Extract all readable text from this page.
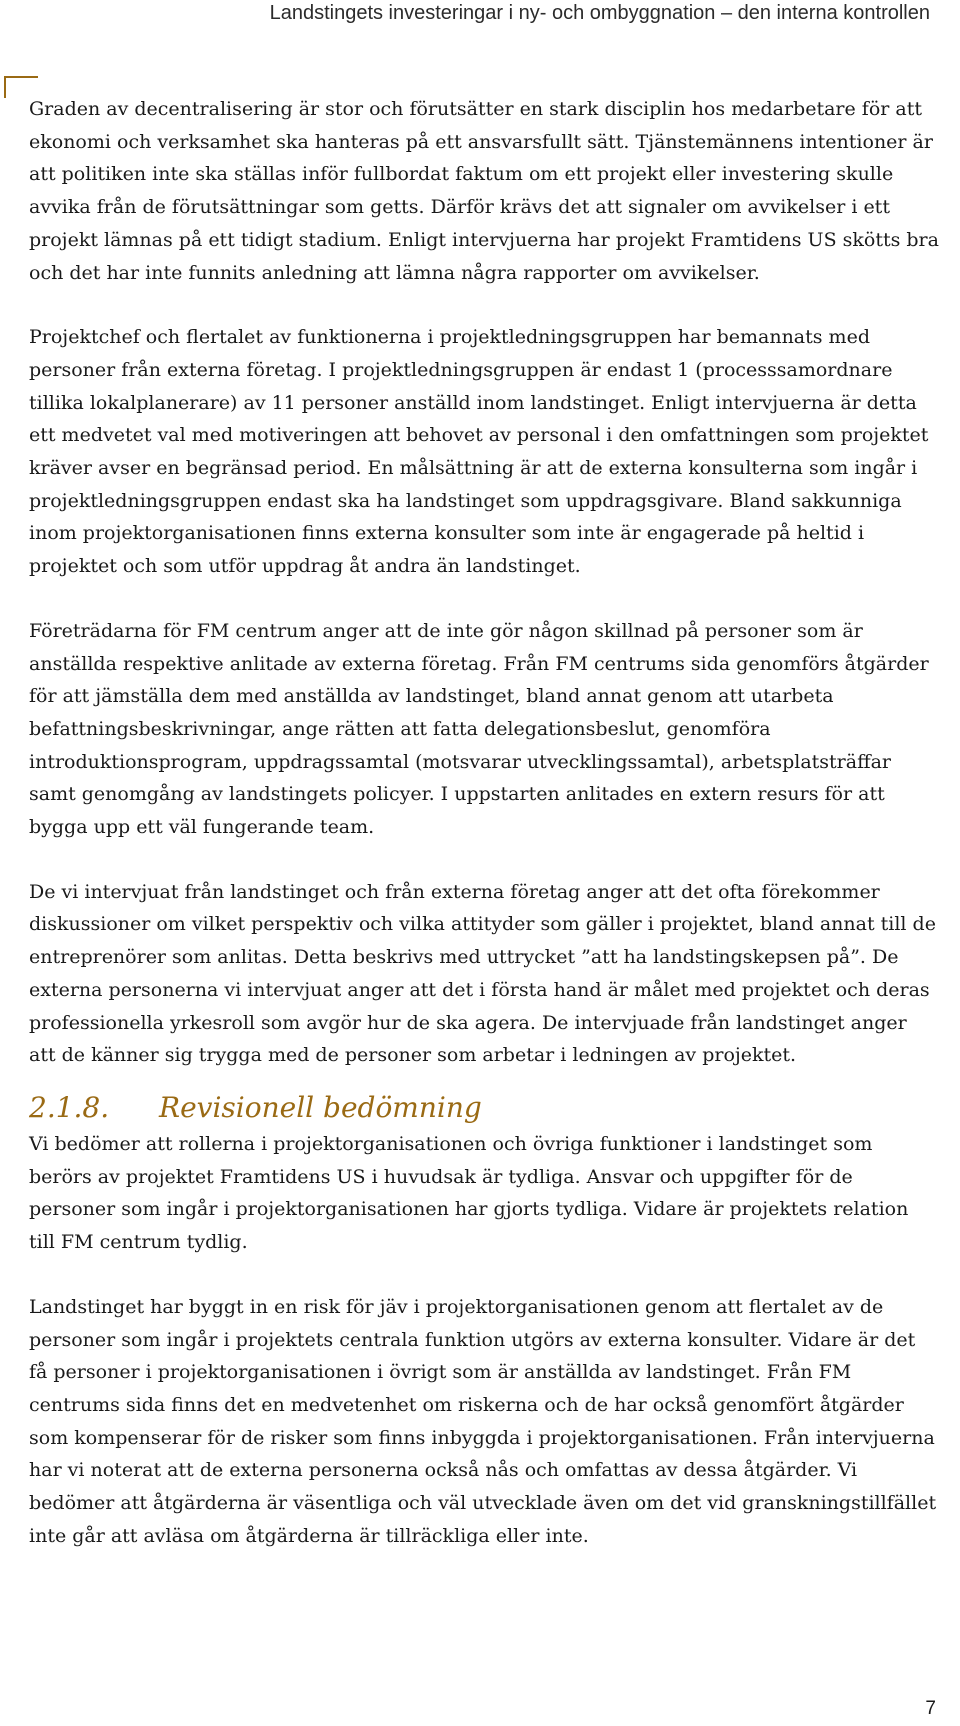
Landstingets investeringar i ny- och ombyggnation – den interna kontrollen

Graden av decentralisering är stor och förutsätter en stark disciplin hos medarbetare för att ekonomi och verksamhet ska hanteras på ett ansvarsfullt sätt. Tjänstemännens intentioner är att politiken inte ska ställas inför fullbordat faktum om ett projekt eller investering skulle avvika från de förutsättningar som getts. Därför krävs det att signaler om avvikelser i ett projekt lämnas på ett tidigt stadium. Enligt intervjuerna har projekt Framtidens US skötts bra och det har inte funnits anledning att lämna några rapporter om avvikelser.

Projektchef och flertalet av funktionerna i projektledningsgruppen har bemannats med personer från externa företag. I projektledningsgruppen är endast 1 (processsamordnare tillika lokalplanerare) av 11 personer anställd inom landstinget. Enligt intervjuerna är detta ett medvetet val med motiveringen att behovet av personal i den omfattningen som projektet kräver avser en begränsad period. En målsättning är att de externa konsulterna som ingår i projektledningsgruppen endast ska ha landstinget som uppdragsgivare. Bland sakkunniga inom projektorganisationen finns externa konsulter som inte är engagerade på heltid i projektet och som utför uppdrag åt andra än landstinget.

Företrädarna för FM centrum anger att de inte gör någon skillnad på personer som är anställda respektive anlitade av externa företag. Från FM centrums sida genomförs åtgärder för att jämställa dem med anställda av landstinget, bland annat genom att utarbeta befattningsbeskrivningar, ange rätten att fatta delegationsbeslut, genomföra introduktionsprogram, uppdragssamtal (motsvarar utvecklingssamtal), arbetsplatsträffar samt genomgång av landstingets policyer. I uppstarten anlitades en extern resurs för att bygga upp ett väl fungerande team.

De vi intervjuat från landstinget och från externa företag anger att det ofta förekommer diskussioner om vilket perspektiv och vilka attityder som gäller i projektet, bland annat till de entreprenörer som anlitas. Detta beskrivs med uttrycket ”att ha landstingskepsen på”. De externa personerna vi intervjuat anger att det i första hand är målet med projektet och deras professionella yrkesroll som avgör hur de ska agera. De intervjuade från landstinget anger att de känner sig trygga med de personer som arbetar i ledningen av projektet.

2.1.8.	Revisionell bedömning

Vi bedömer att rollerna i projektorganisationen och övriga funktioner i landstinget som berörs av projektet Framtidens US i huvudsak är tydliga. Ansvar och uppgifter för de personer som ingår i projektorganisationen har gjorts tydliga. Vidare är projektets relation till FM centrum tydlig.

Landstinget har byggt in en risk för jäv i projektorganisationen genom att flertalet av de personer som ingår i projektets centrala funktion utgörs av externa konsulter. Vidare är det få personer i projektorganisationen i övrigt som är anställda av landstinget. Från FM centrums sida finns det en medvetenhet om riskerna och de har också genomfört åtgärder som kompenserar för de risker som finns inbyggda i projektorganisationen. Från intervjuerna har vi noterat att de externa personerna också nås och omfattas av dessa åtgärder. Vi bedömer att åtgärderna är väsentliga och väl utvecklade även om det vid granskningstillfället inte går att avläsa om åtgärderna är tillräckliga eller inte.

7
